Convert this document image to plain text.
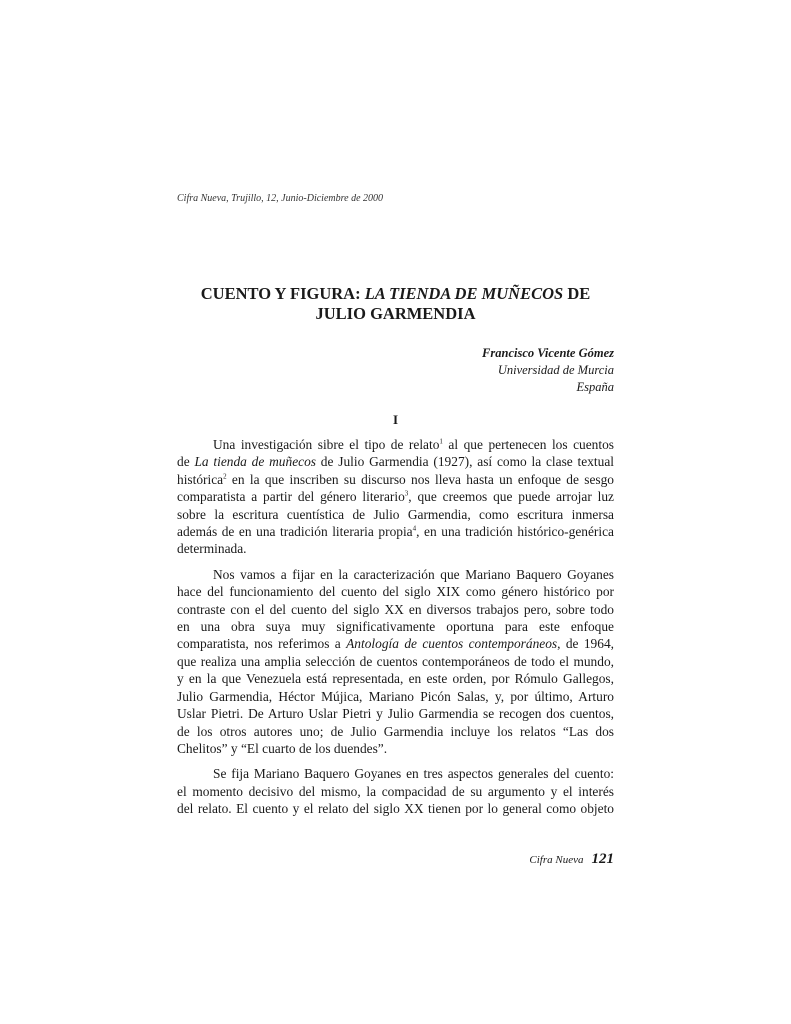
Cifra Nueva, Trujillo, 12, Junio-Diciembre de 2000
CUENTO Y FIGURA: LA TIENDA DE MUÑECOS DE
JULIO GARMENDIA
Francisco Vicente Gómez
Universidad de Murcia
España
I

Una investigación sibre el tipo de relato$^1$ al que pertenecen los cuentos
de La tienda de muñecos de Julio Garmendia (1927), así como la clase textual
histórica$^2$ en la que inscriben su discurso nos lleva hasta un enfoque de sesgo
comparatista a partir del género literario$^3$, que creemos que puede arrojar luz
sobre la escritura cuentística de Julio Garmendia, como escritura inmersa
además de en una tradición literaria propia$^4$, en una tradición histórico-genérica
determinada.

Nos vamos a fijar en la caracterización que Mariano Baquero Goyanes
hace del funcionamiento del cuento del siglo XIX como género histórico por
contraste con el del cuento del siglo XX en diversos trabajos pero, sobre todo
en una obra suya muy significativamente oportuna para este enfoque
comparatista, nos referimos a Antología de cuentos contemporáneos, de 1964,
que realiza una amplia selección de cuentos contemporáneos de todo el mundo,
y en la que Venezuela está representada, en este orden, por Rómulo Gallegos,
Julio Garmendia, Héctor Mújica, Mariano Picón Salas, y, por último, Arturo
Uslar Pietri. De Arturo Uslar Pietri y Julio Garmendia se recogen dos cuentos,
de los otros autores uno; de Julio Garmendia incluye los relatos “Las dos
Chelitos” y “El cuarto de los duendes”.

Se fija Mariano Baquero Goyanes en tres aspectos generales del cuento:
el momento decisivo del mismo, la compacidad de su argumento y el interés
del relato. El cuento y el relato del siglo XX tienen por lo general como objeto

Cifra Nueva 121
